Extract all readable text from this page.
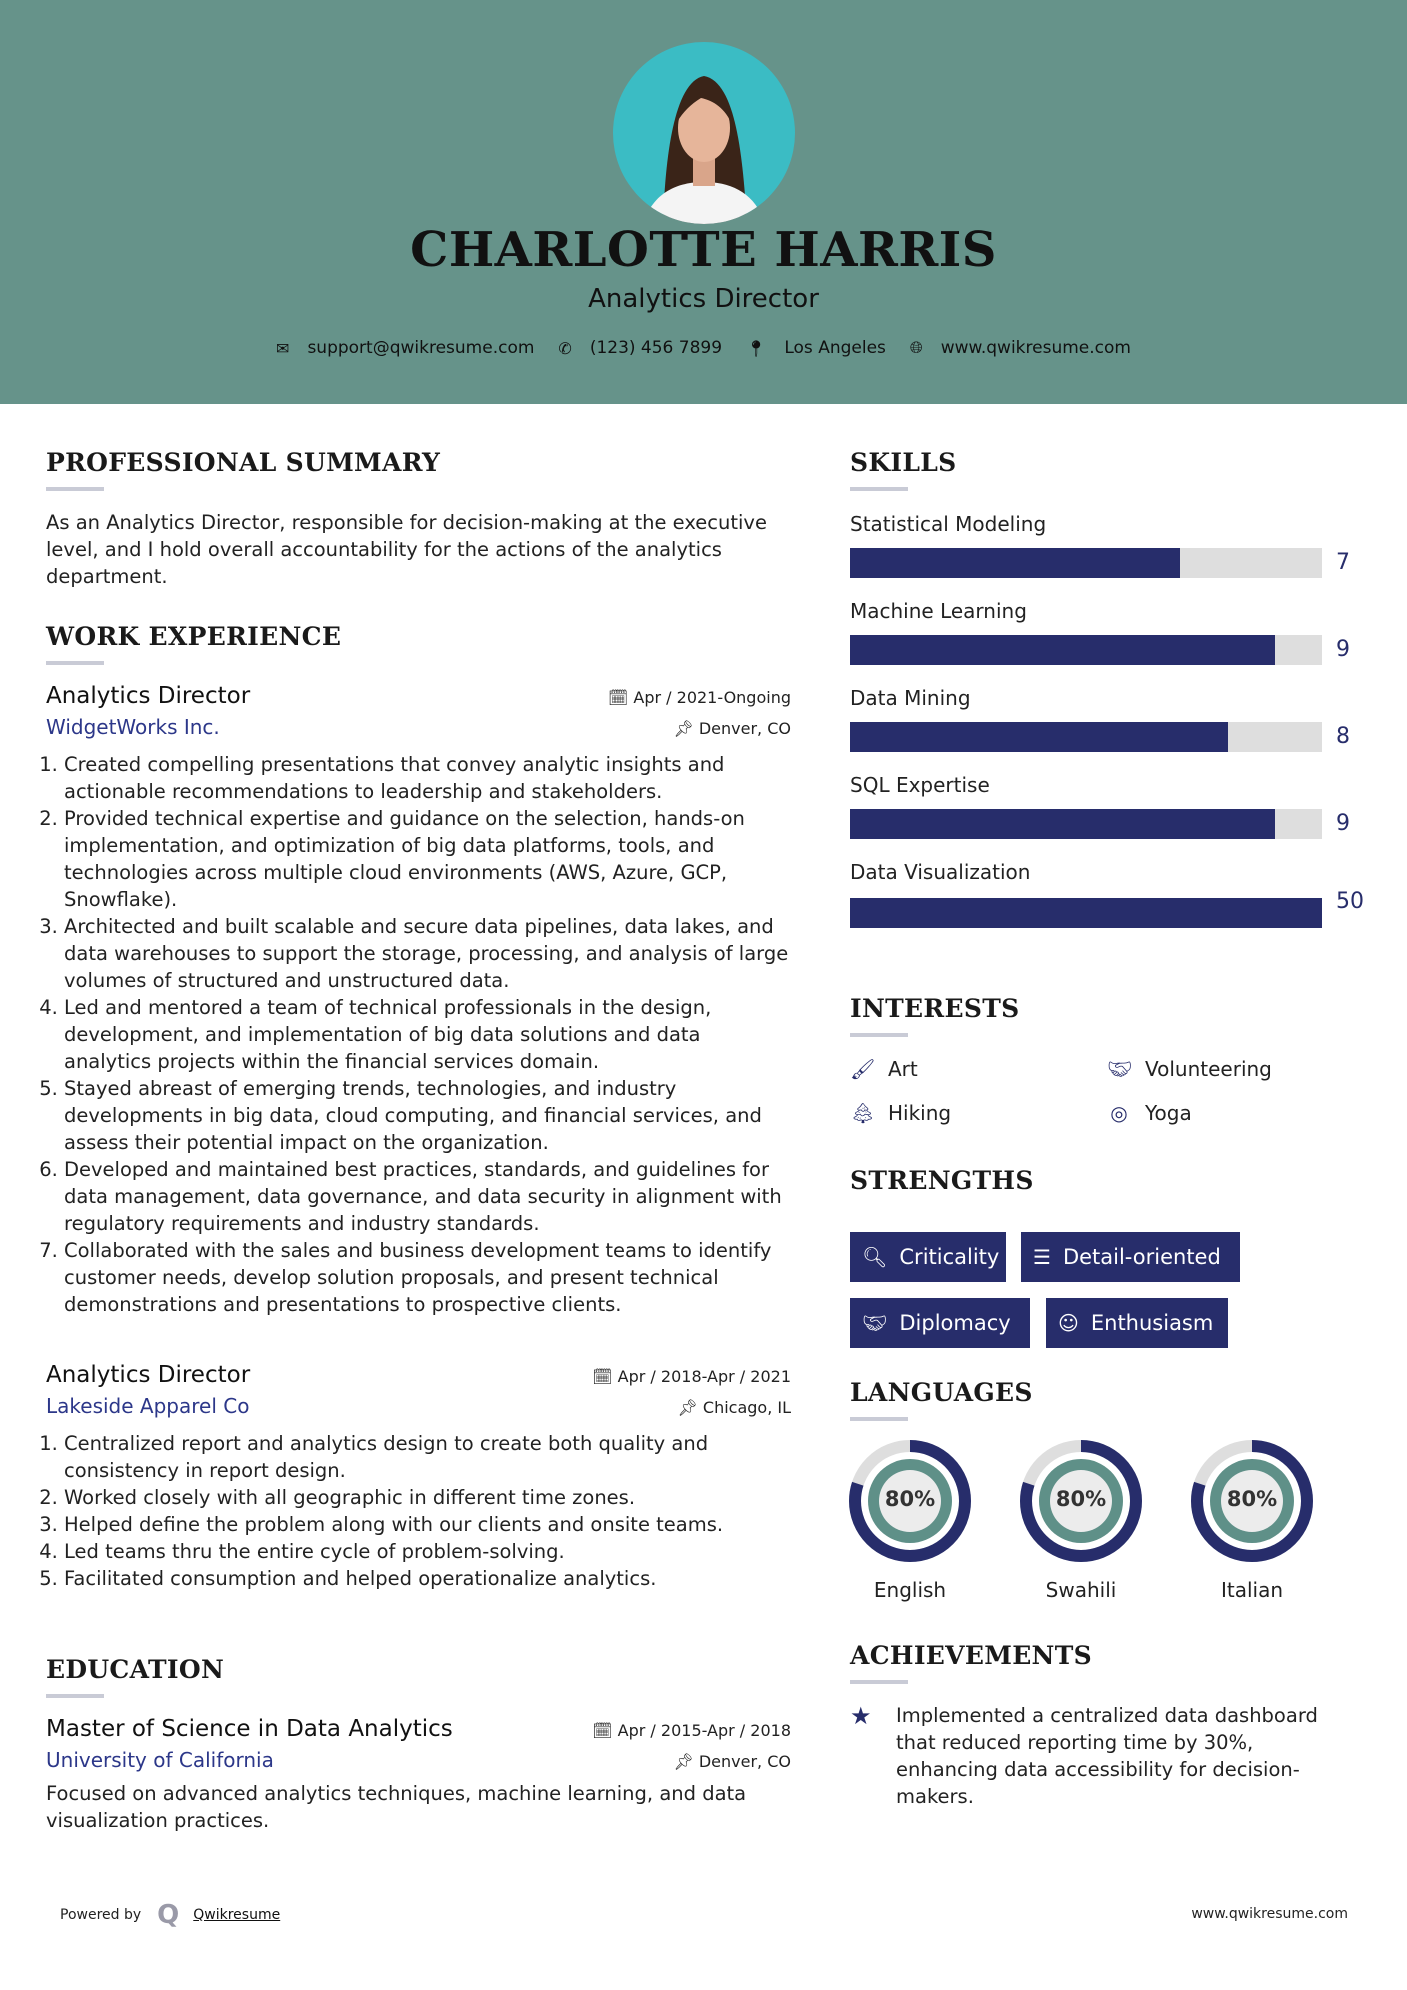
CHARLOTTE HARRIS
Analytics Director
✉ support@qwikresume.com ✆ (123) 456 7899 📍︎ Los Angeles 🌐︎ www.qwikresume.com
PROFESSIONAL SUMMARY

As an Analytics Director, responsible for decision-making at the executive level, and I hold overall accountability for the actions of the analytics department.

WORK EXPERIENCE
Analytics Director	🗓︎ Apr / 2021-Ongoing
WidgetWorks Inc.	📌︎ Denver, CO
1. Created compelling presentations that convey analytic insights and actionable recommendations to leadership and stakeholders.
2. Provided technical expertise and guidance on the selection, hands-on implementation, and optimization of big data platforms, tools, and technologies across multiple cloud environments (AWS, Azure, GCP, Snowflake).
3. Architected and built scalable and secure data pipelines, data lakes, and data warehouses to support the storage, processing, and analysis of large volumes of structured and unstructured data.
4. Led and mentored a team of technical professionals in the design, development, and implementation of big data solutions and data analytics projects within the financial services domain.
5. Stayed abreast of emerging trends, technologies, and industry developments in big data, cloud computing, and financial services, and assess their potential impact on the organization.
6. Developed and maintained best practices, standards, and guidelines for data management, data governance, and data security in alignment with regulatory requirements and industry standards.
7. Collaborated with the sales and business development teams to identify customer needs, develop solution proposals, and present technical demonstrations and presentations to prospective clients.
Analytics Director	🗓︎ Apr / 2018-Apr / 2021
Lakeside Apparel Co	📌︎ Chicago, IL
1. Centralized report and analytics design to create both quality and consistency in report design.
2. Worked closely with all geographic in different time zones.
3. Helped define the problem along with our clients and onsite teams.
4. Led teams thru the entire cycle of problem-solving.
5. Facilitated consumption and helped operationalize analytics.
EDUCATION
Master of Science in Data Analytics	🗓︎ Apr / 2015-Apr / 2018
University of California	📌︎ Denver, CO

Focused on advanced analytics techniques, machine learning, and data visualization practices.

SKILLS
Statistical Modeling
7
Machine Learning
9
Data Mining
8
SQL Expertise
9
Data Visualization
50
INTERESTS
🖌︎ Art	🤝︎ Volunteering
🌲︎ Hiking	◎ Yoga
STRENGTHS
🔍︎ Criticality ☰ Detail-oriented
🤝︎ Diplomacy ☺ Enthusiasm
LANGUAGES
80%
English
80%
Swahili
80%
Italian
ACHIEVEMENTS
★	Implemented a centralized data dashboard that reduced reporting time by 30%, enhancing data accessibility for decision-makers.

Powered by Q Qwikresume	www.qwikresume.com
